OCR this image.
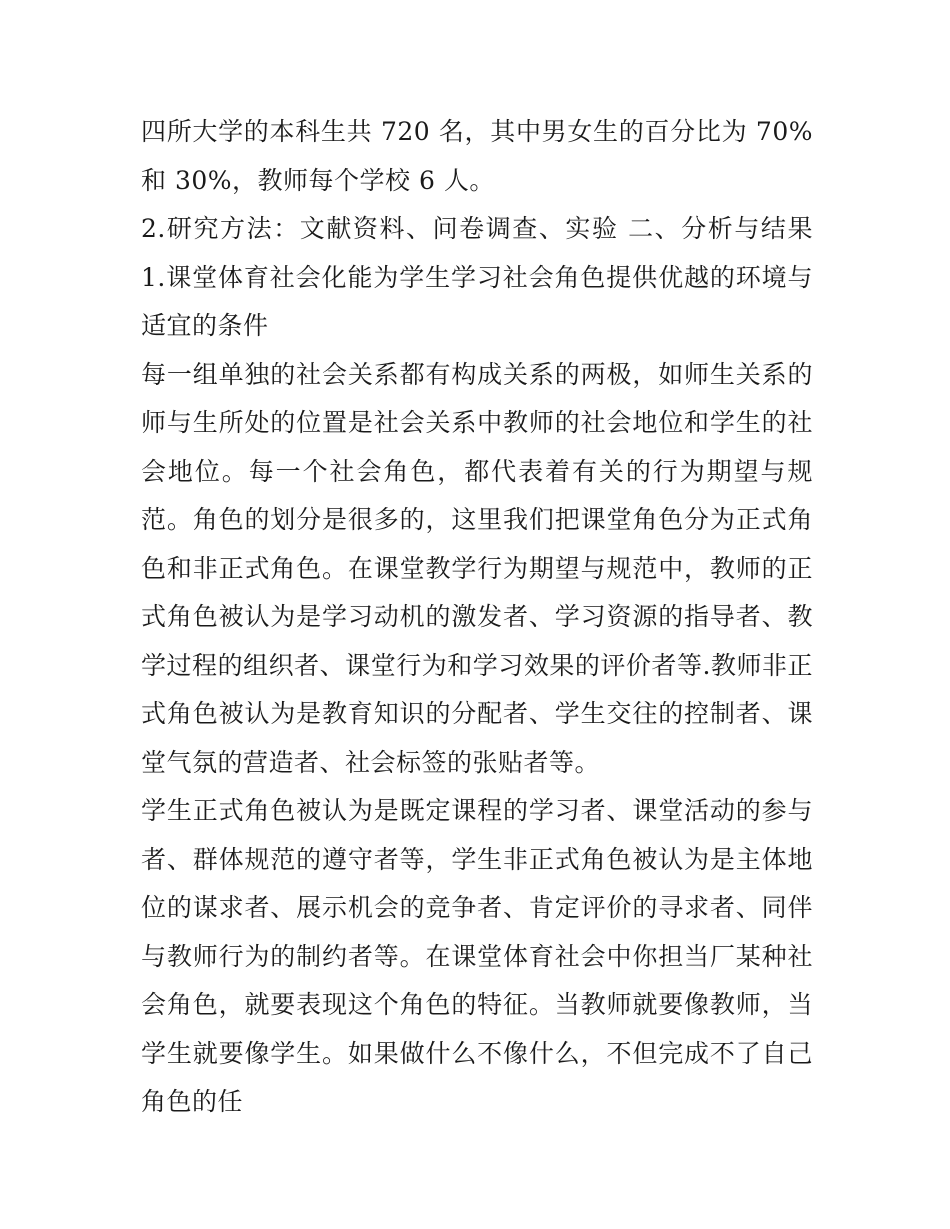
四所大学的本科生共 720 名，其中男女生的百分比为 70%和 30%，教师每个学校 6 人。

2.研究方法：文献资料、问卷调查、实验 二、分析与结果 1.课堂体育社会化能为学生学习社会角色提供优越的环境与适宜的条件

每一组单独的社会关系都有构成关系的两极，如师生关系的师与生所处的位置是社会关系中教师的社会地位和学生的社会地位。每一个社会角色，都代表着有关的行为期望与规范。角色的划分是很多的，这里我们把课堂角色分为正式角色和非正式角色。在课堂教学行为期望与规范中，教师的正式角色被认为是学习动机的激发者、学习资源的指导者、教学过程的组织者、课堂行为和学习效果的评价者等.教师非正式角色被认为是教育知识的分配者、学生交往的控制者、课堂气氛的营造者、社会标签的张贴者等。

学生正式角色被认为是既定课程的学习者、课堂活动的参与者、群体规范的遵守者等，学生非正式角色被认为是主体地位的谋求者、展示机会的竞争者、肯定评价的寻求者、同伴与教师行为的制约者等。在课堂体育社会中你担当厂某种社会角色，就要表现这个角色的特征。当教师就要像教师，当学生就要像学生。如果做什么不像什么，不但完成不了自己角色的任
